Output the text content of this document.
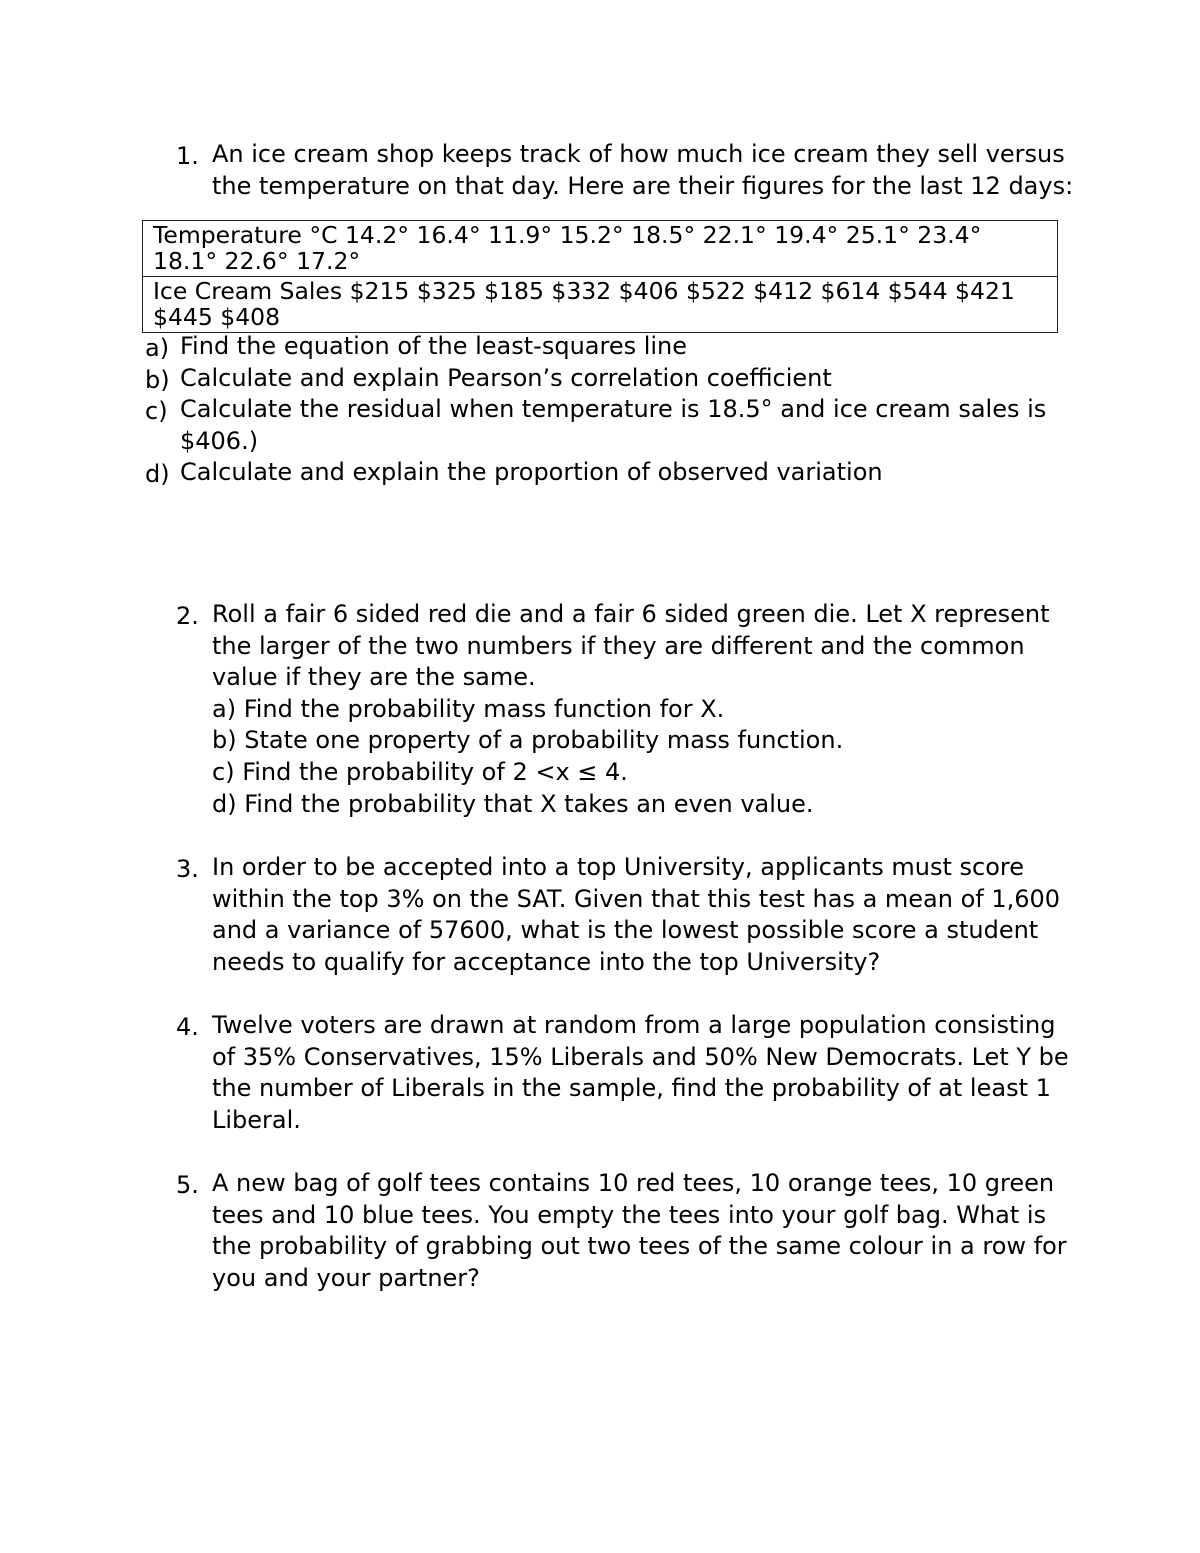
1. An ice cream shop keeps track of how much ice cream they sell versus
the temperature on that day. Here are their figures for the last 12 days:
Temperature °C 14.2° 16.4° 11.9° 15.2° 18.5° 22.1° 19.4° 25.1° 23.4°
18.1° 22.6° 17.2°

Ice Cream Sales $215 $325 $185 $332 $406 $522 $412 $614 $544 $421
$445 $408
a) Find the equation of the least-squares line
b) Calculate and explain Pearson’s correlation coefficient
c) Calculate the residual when temperature is 18.5° and ice cream sales is
$406.)
d) Calculate and explain the proportion of observed variation
2. Roll a fair 6 sided red die and a fair 6 sided green die. Let X represent
the larger of the two numbers if they are different and the common
value if they are the same.
a) Find the probability mass function for X.
b) State one property of a probability mass function.
c) Find the probability of 2 <x ≤ 4.
d) Find the probability that X takes an even value.
3. In order to be accepted into a top University, applicants must score
within the top 3% on the SAT. Given that this test has a mean of 1,600
and a variance of 57600, what is the lowest possible score a student
needs to qualify for acceptance into the top University?
4. Twelve voters are drawn at random from a large population consisting
of 35% Conservatives, 15% Liberals and 50% New Democrats. Let Y be
the number of Liberals in the sample, find the probability of at least 1
Liberal.
5. A new bag of golf tees contains 10 red tees, 10 orange tees, 10 green
tees and 10 blue tees. You empty the tees into your golf bag. What is
the probability of grabbing out two tees of the same colour in a row for
you and your partner?
